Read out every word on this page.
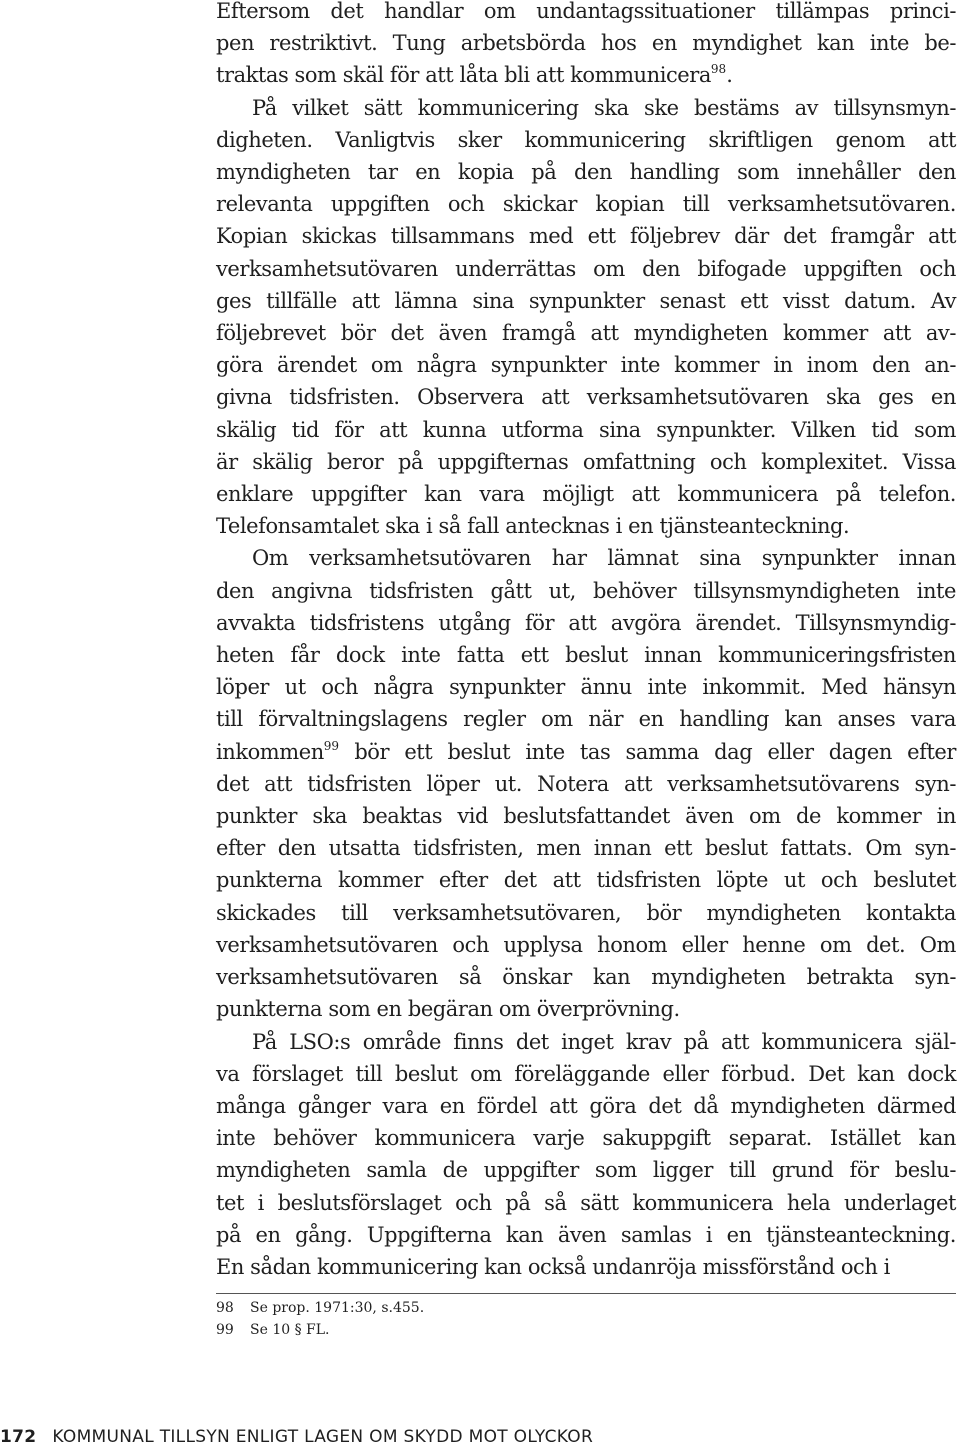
Eftersom det handlar om undantagssituationer tillämpas princi-
pen restriktivt. Tung arbetsbörda hos en myndighet kan inte be-
traktas som skäl för att låta bli att kommunicera$^{98}$.

På vilket sätt kommunicering ska ske bestäms av tillsynsmyn-
digheten. Vanligtvis sker kommunicering skriftligen genom att
myndigheten tar en kopia på den handling som innehåller den
relevanta uppgiften och skickar kopian till verksamhetsutövaren.
Kopian skickas tillsammans med ett följebrev där det framgår att
verksamhetsutövaren underrättas om den bifogade uppgiften och
ges tillfälle att lämna sina synpunkter senast ett visst datum. Av
följebrevet bör det även framgå att myndigheten kommer att av-
göra ärendet om några synpunkter inte kommer in inom den an-
givna tidsfristen. Observera att verksamhetsutövaren ska ges en
skälig tid för att kunna utforma sina synpunkter. Vilken tid som
är skälig beror på uppgifternas omfattning och komplexitet. Vissa
enklare uppgifter kan vara möjligt att kommunicera på telefon.
Telefonsamtalet ska i så fall antecknas i en tjänsteanteckning.

Om verksamhetsutövaren har lämnat sina synpunkter innan
den angivna tidsfristen gått ut, behöver tillsynsmyndigheten inte
avvakta tidsfristens utgång för att avgöra ärendet. Tillsynsmyndig-
heten får dock inte fatta ett beslut innan kommuniceringsfristen
löper ut och några synpunkter ännu inte inkommit. Med hänsyn
till förvaltningslagens regler om när en handling kan anses vara
inkommen$^{99}$ bör ett beslut inte tas samma dag eller dagen efter
det att tidsfristen löper ut. Notera att verksamhetsutövarens syn-
punkter ska beaktas vid beslutsfattandet även om de kommer in
efter den utsatta tidsfristen, men innan ett beslut fattats. Om syn-
punkterna kommer efter det att tidsfristen löpte ut och beslutet
skickades till verksamhetsutövaren, bör myndigheten kontakta
verksamhetsutövaren och upplysa honom eller henne om det. Om
verksamhetsutövaren så önskar kan myndigheten betrakta syn-
punkterna som en begäran om överprövning.

På LSO:s område finns det inget krav på att kommunicera själ-
va förslaget till beslut om föreläggande eller förbud. Det kan dock
många gånger vara en fördel att göra det då myndigheten därmed
inte behöver kommunicera varje sakuppgift separat. Istället kan
myndigheten samla de uppgifter som ligger till grund för beslu-
tet i beslutsförslaget och på så sätt kommunicera hela underlaget
på en gång. Uppgifterna kan även samlas i en tjänsteanteckning.
En sådan kommunicering kan också undanröja missförstånd och i

98	Se prop. 1971:30, s.455.
99	Se 10 § FL.
172 KOMMUNAL TILLSYN ENLIGT LAGEN OM SKYDD MOT OLYCKOR
